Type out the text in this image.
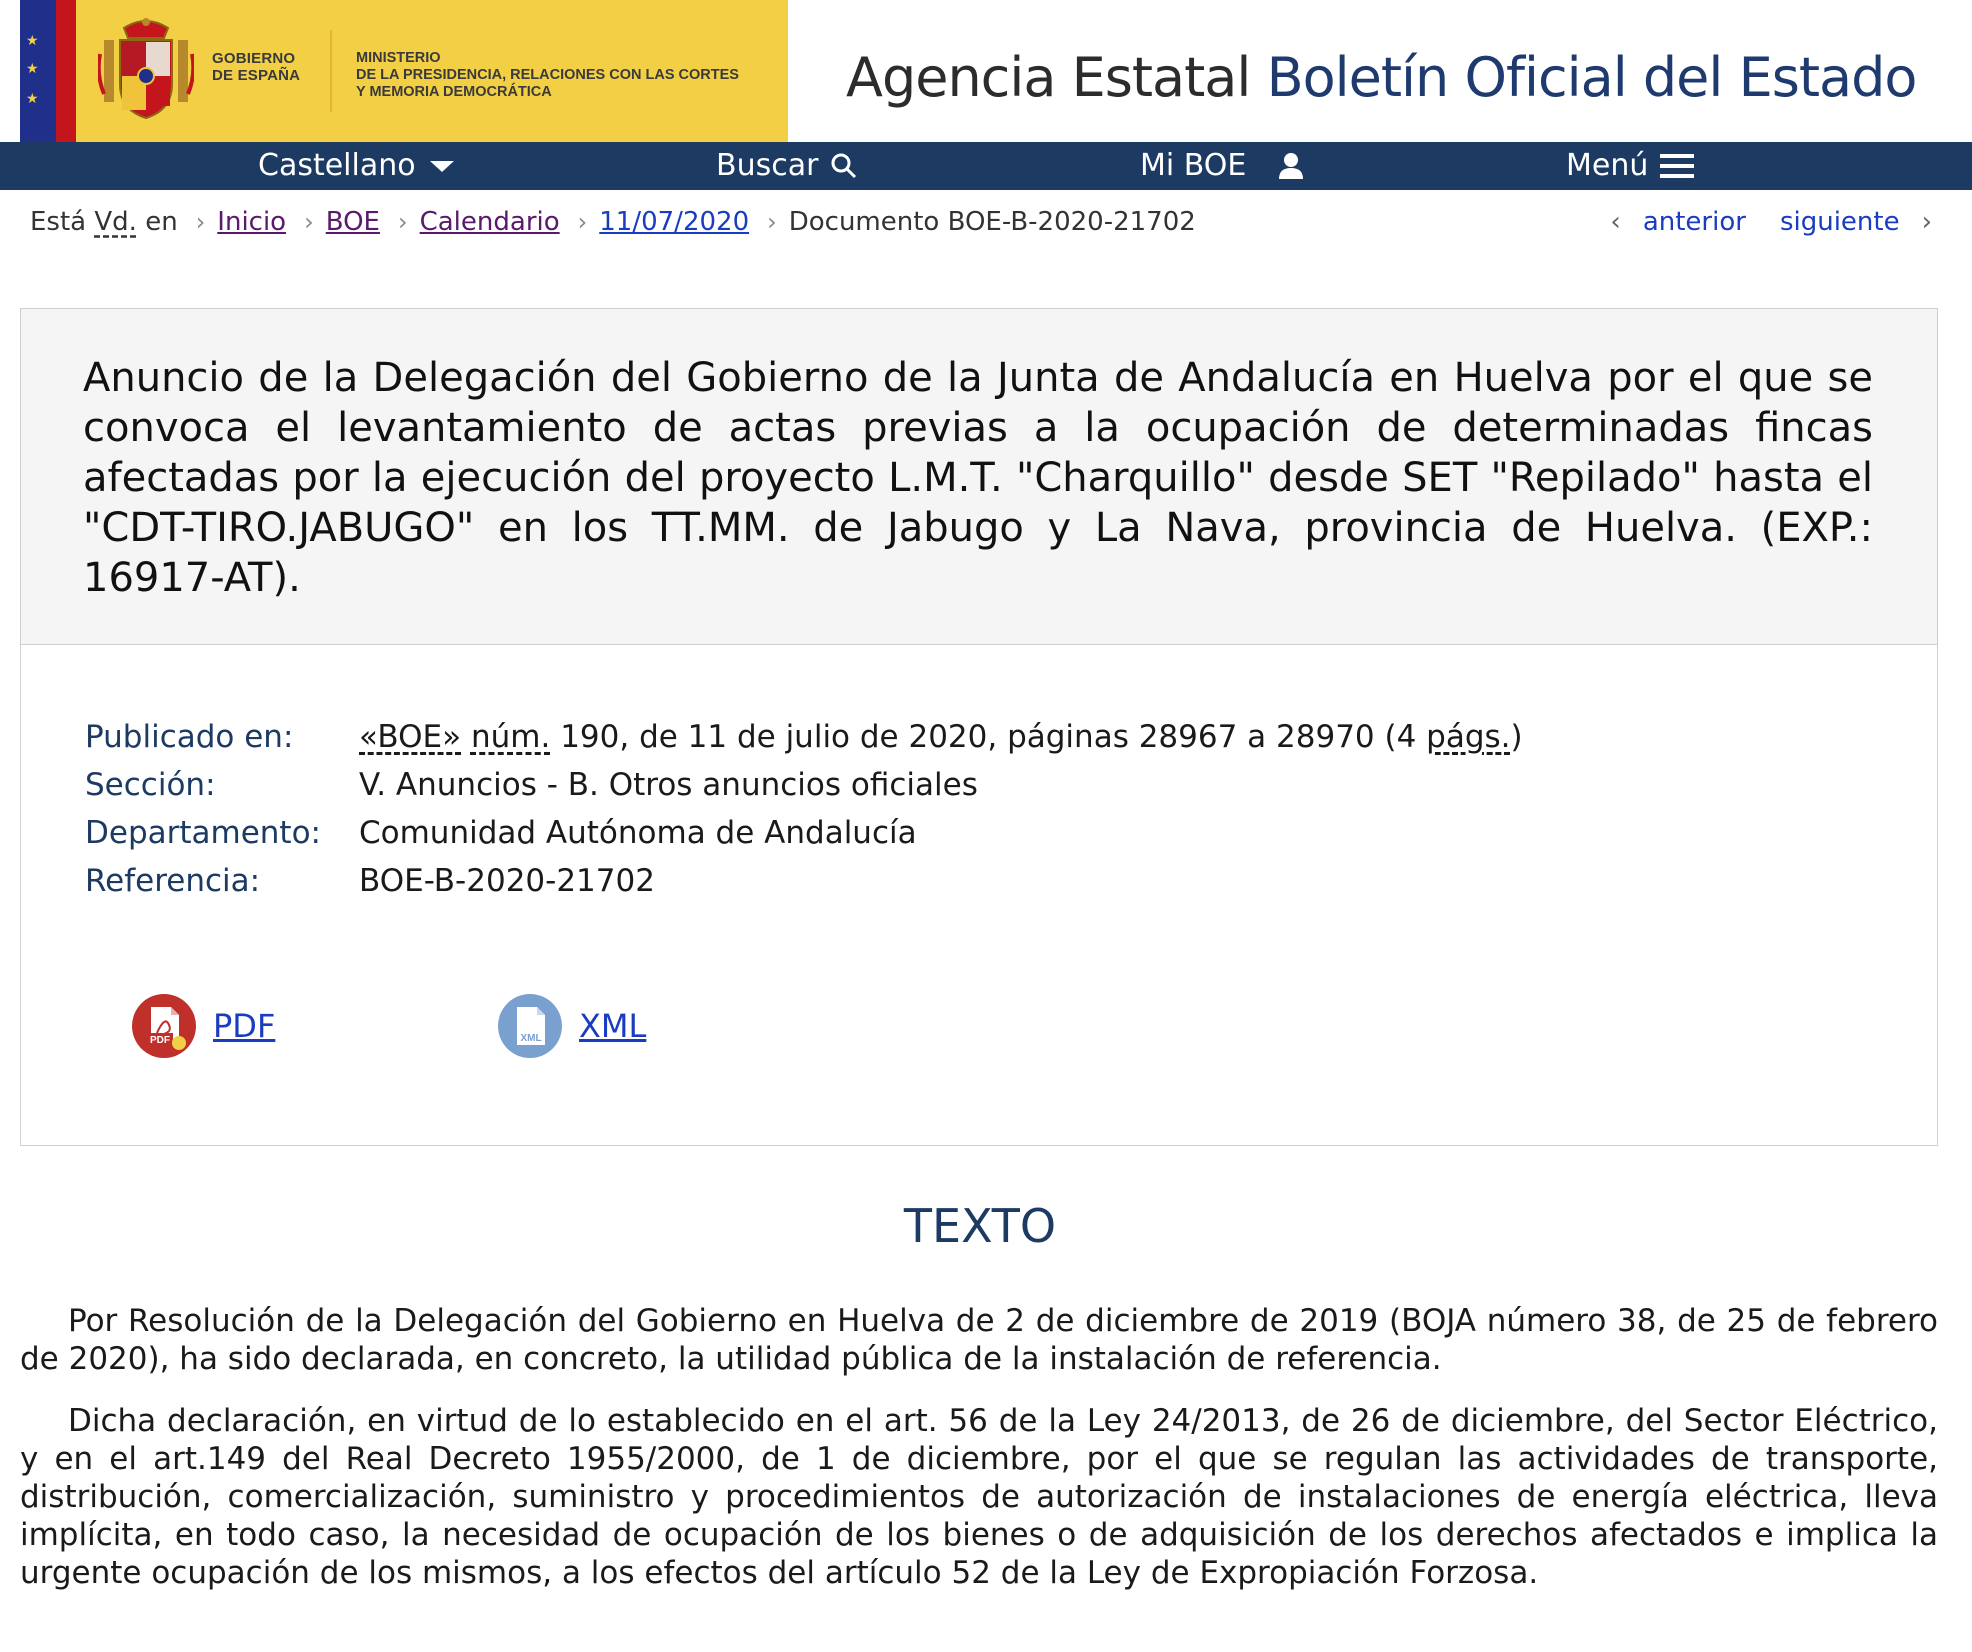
★
★
★
GOBIERNO
DE ESPAÑA
MINISTERIO
DE LA PRESIDENCIA, RELACIONES CON LAS CORTES
Y MEMORIA DEMOCRÁTICA	Agencia Estatal Boletín Oficial del Estado
Castellano	Buscar	Mi BOE	Menú
Está Vd. en › Inicio › BOE › Calendario › 11/07/2020 › Documento BOE-B-2020-21702	‹ anterior siguiente ›
Anuncio de la Delegación del Gobierno de la Junta de Andalucía en Huelva por el que se convoca el levantamiento de actas previas a la ocupación de determinadas fincas afectadas por la ejecución del proyecto L.M.T. "Charquillo" desde SET "Repilado" hasta el "CDT-TIRO.JABUGO" en los TT.MM. de Jabugo y La Nava, provincia de Huelva. (EXP.: 16917-AT).
Publicado en:	«BOE» núm. 190, de 11 de julio de 2020, páginas 28967 a 28970 (4 págs.)
Sección:	V. Anuncios - B. Otros anuncios oficiales
Departamento:	Comunidad Autónoma de Andalucía
Referencia:	BOE-B-2020-21702
PDF PDF	XML XML
TEXTO

Por Resolución de la Delegación del Gobierno en Huelva de 2 de diciembre de 2019 (BOJA número 38, de 25 de febrero de 2020), ha sido declarada, en concreto, la utilidad pública de la instalación de referencia.

Dicha declaración, en virtud de lo establecido en el art. 56 de la Ley 24/2013, de 26 de diciembre, del Sector Eléctrico, y en el art.149 del Real Decreto 1955/2000, de 1 de diciembre, por el que se regulan las actividades de transporte, distribución, comercialización, suministro y procedimientos de autorización de instalaciones de energía eléctrica, lleva implícita, en todo caso, la necesidad de ocupación de los bienes o de adquisición de los derechos afectados e implica la urgente ocupación de los mismos, a los efectos del artículo 52 de la Ley de Expropiación Forzosa.
